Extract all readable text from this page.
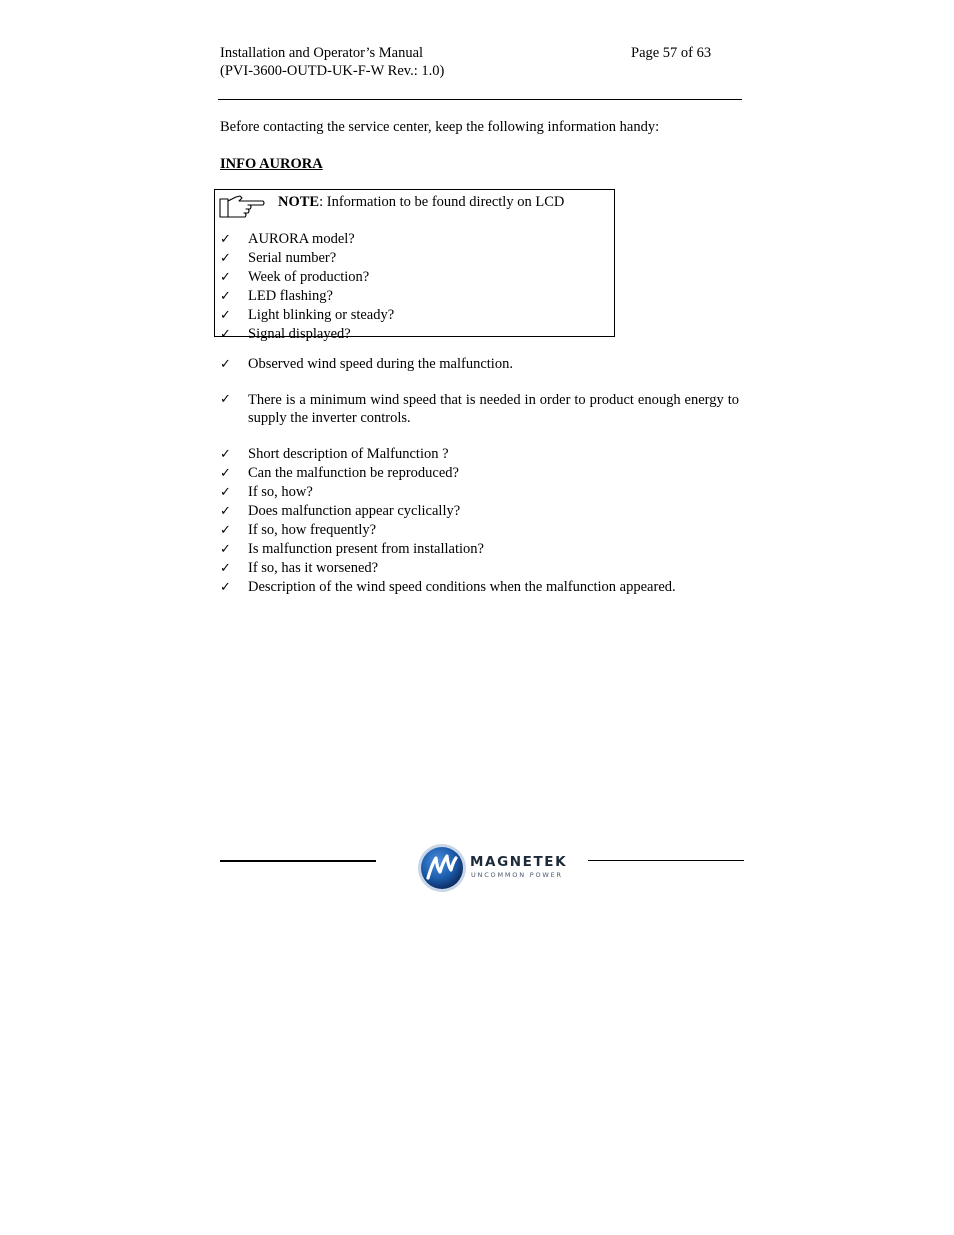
Installation and Operator’s Manual
(PVI-3600-OUTD-UK-F-W Rev.: 1.0)
Page 57 of 63
Before contacting the service center, keep the following information handy:
INFO AURORA
NOTE: Information to be found directly on LCD
✓ AURORA model?
✓ Serial number?
✓ Week of production?
✓ LED flashing?
✓ Light blinking or steady?
✓ Signal displayed?
✓ Observed wind speed during the malfunction.
✓	There is a minimum wind speed that is needed in order to product enough energy to supply the inverter controls.
✓ Short description of Malfunction ?
✓ Can the malfunction be reproduced?
✓ If so, how?
✓ Does malfunction appear cyclically?
✓ If so, how frequently?
✓ Is malfunction present from installation?
✓ If so, has it worsened?
✓ Description of the wind speed conditions when the malfunction appeared.
MAGNETEK
UNCOMMON POWER
